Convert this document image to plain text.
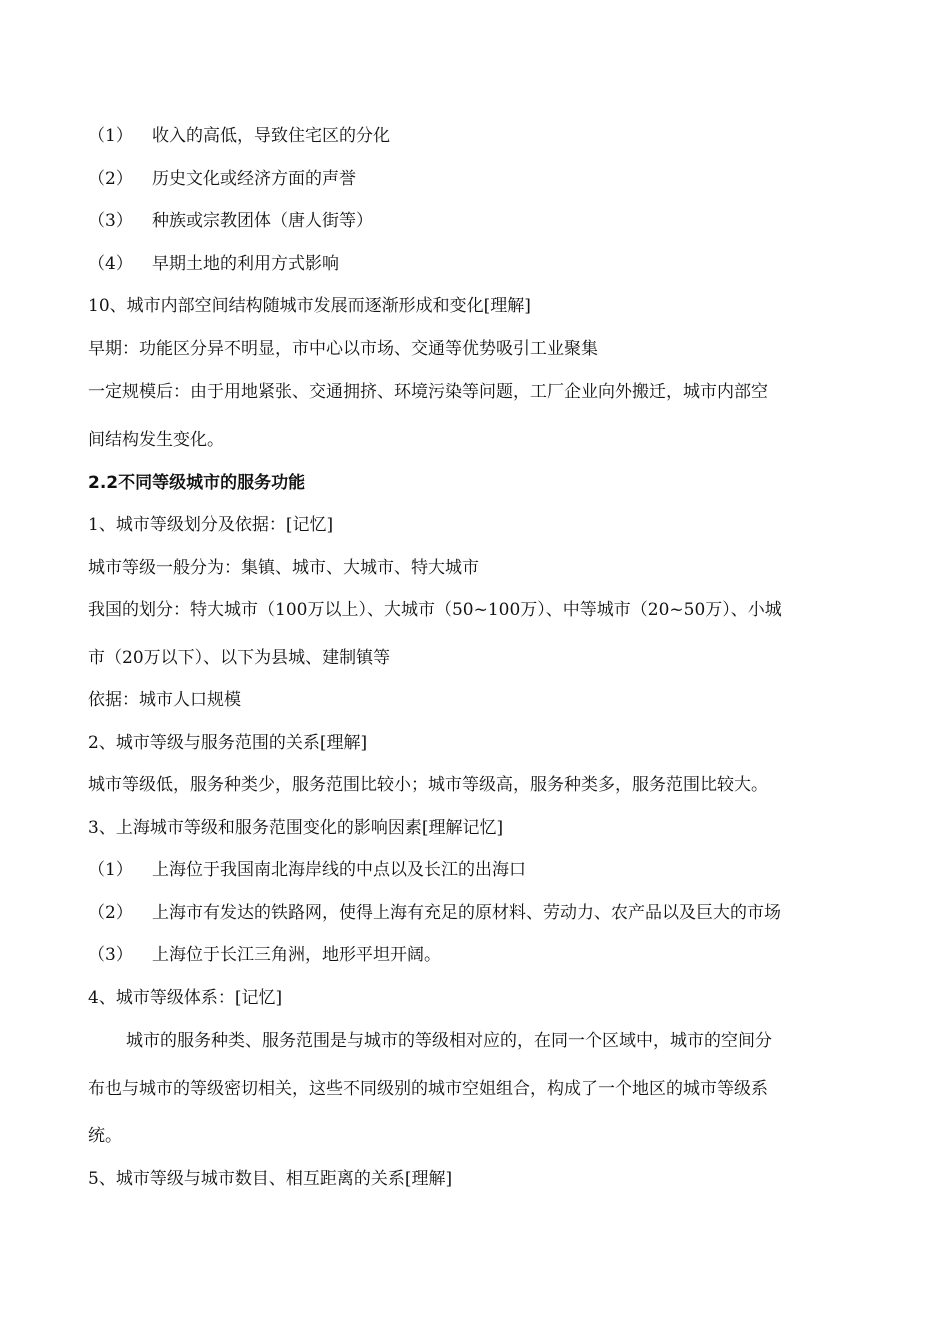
（1） 收入的高低，导致住宅区的分化
（2） 历史文化或经济方面的声誉
（3） 种族或宗教团体（唐人街等）
（4） 早期土地的利用方式影响
10、城市内部空间结构随城市发展而逐渐形成和变化[理解]
早期：功能区分异不明显，市中心以市场、交通等优势吸引工业聚集
一定规模后：由于用地紧张、交通拥挤、环境污染等问题，工厂企业向外搬迁，城市内部空
间结构发生变化。
2.2不同等级城市的服务功能
1、城市等级划分及依据：[记忆]
城市等级一般分为：集镇、城市、大城市、特大城市
我国的划分：特大城市（100万以上）、大城市（50~100万）、中等城市（20~50万）、小城
市（20万以下）、以下为县城、建制镇等
依据：城市人口规模
2、城市等级与服务范围的关系[理解]
城市等级低，服务种类少，服务范围比较小；城市等级高，服务种类多，服务范围比较大。
3、上海城市等级和服务范围变化的影响因素[理解记忆]
（1） 上海位于我国南北海岸线的中点以及长江的出海口
（2） 上海市有发达的铁路网，使得上海有充足的原材料、劳动力、农产品以及巨大的市场
（3） 上海位于长江三角洲，地形平坦开阔。
4、城市等级体系：[记忆]
城市的服务种类、服务范围是与城市的等级相对应的，在同一个区域中，城市的空间分
布也与城市的等级密切相关，这些不同级别的城市空姐组合，构成了一个地区的城市等级系
统。
5、城市等级与城市数目、相互距离的关系[理解]
